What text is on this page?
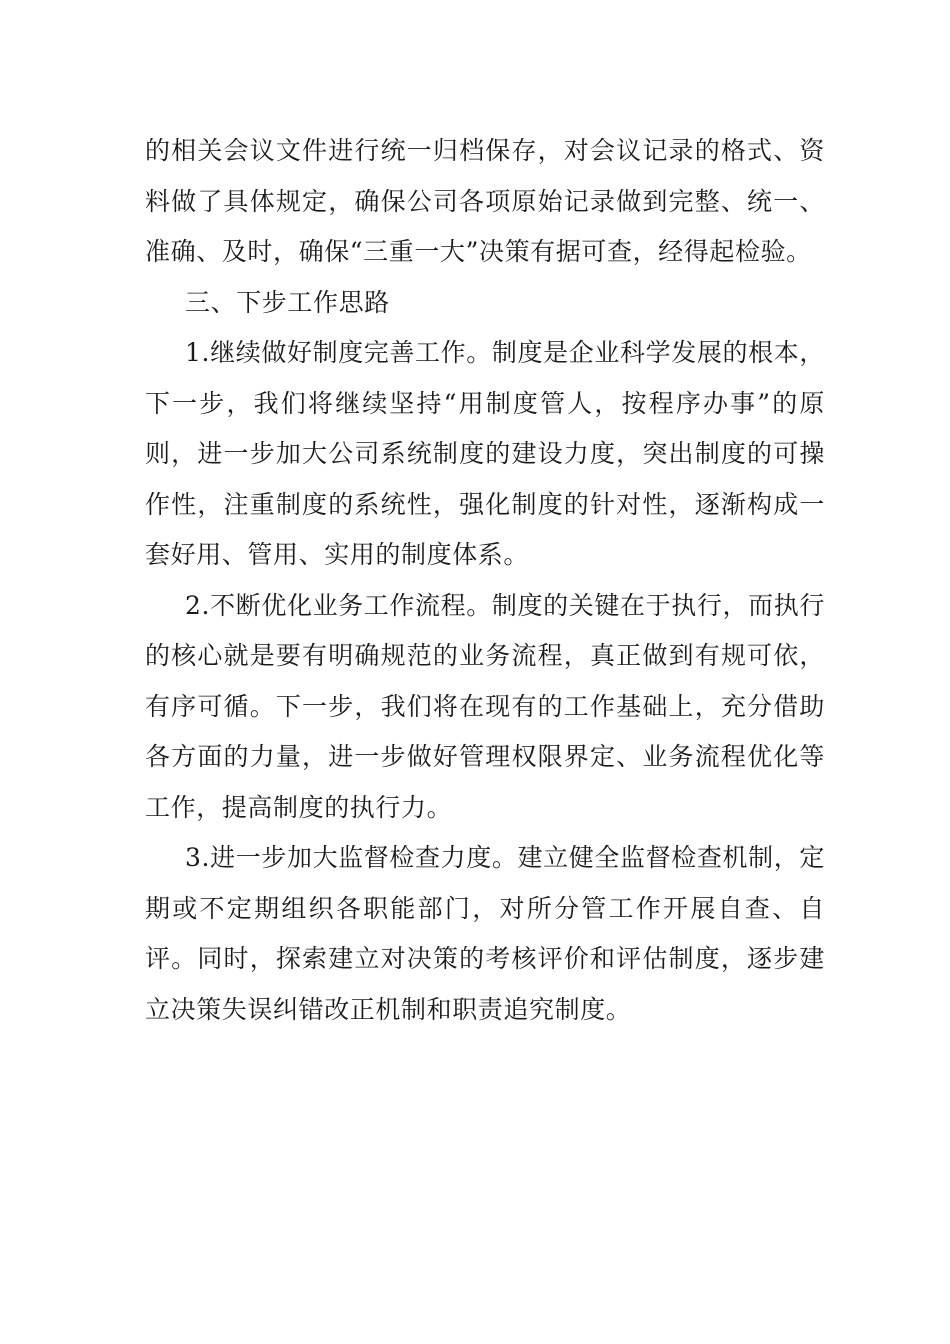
的相关会议文件进行统一归档保存，对会议记录的格式、资料做了具体规定，确保公司各项原始记录做到完整、统一、准确、及时，确保“三重一大”决策有据可查，经得起检验。

三、下步工作思路

1.继续做好制度完善工作。制度是企业科学发展的根本，下一步，我们将继续坚持“用制度管人，按程序办事”的原则，进一步加大公司系统制度的建设力度，突出制度的可操作性，注重制度的系统性，强化制度的针对性，逐渐构成一套好用、管用、实用的制度体系。

2.不断优化业务工作流程。制度的关键在于执行，而执行的核心就是要有明确规范的业务流程，真正做到有规可依，有序可循。下一步，我们将在现有的工作基础上，充分借助各方面的力量，进一步做好管理权限界定、业务流程优化等工作，提高制度的执行力。

3.进一步加大监督检查力度。建立健全监督检查机制，定期或不定期组织各职能部门，对所分管工作开展自查、自评。同时，探索建立对决策的考核评价和评估制度，逐步建立决策失误纠错改正机制和职责追究制度。
